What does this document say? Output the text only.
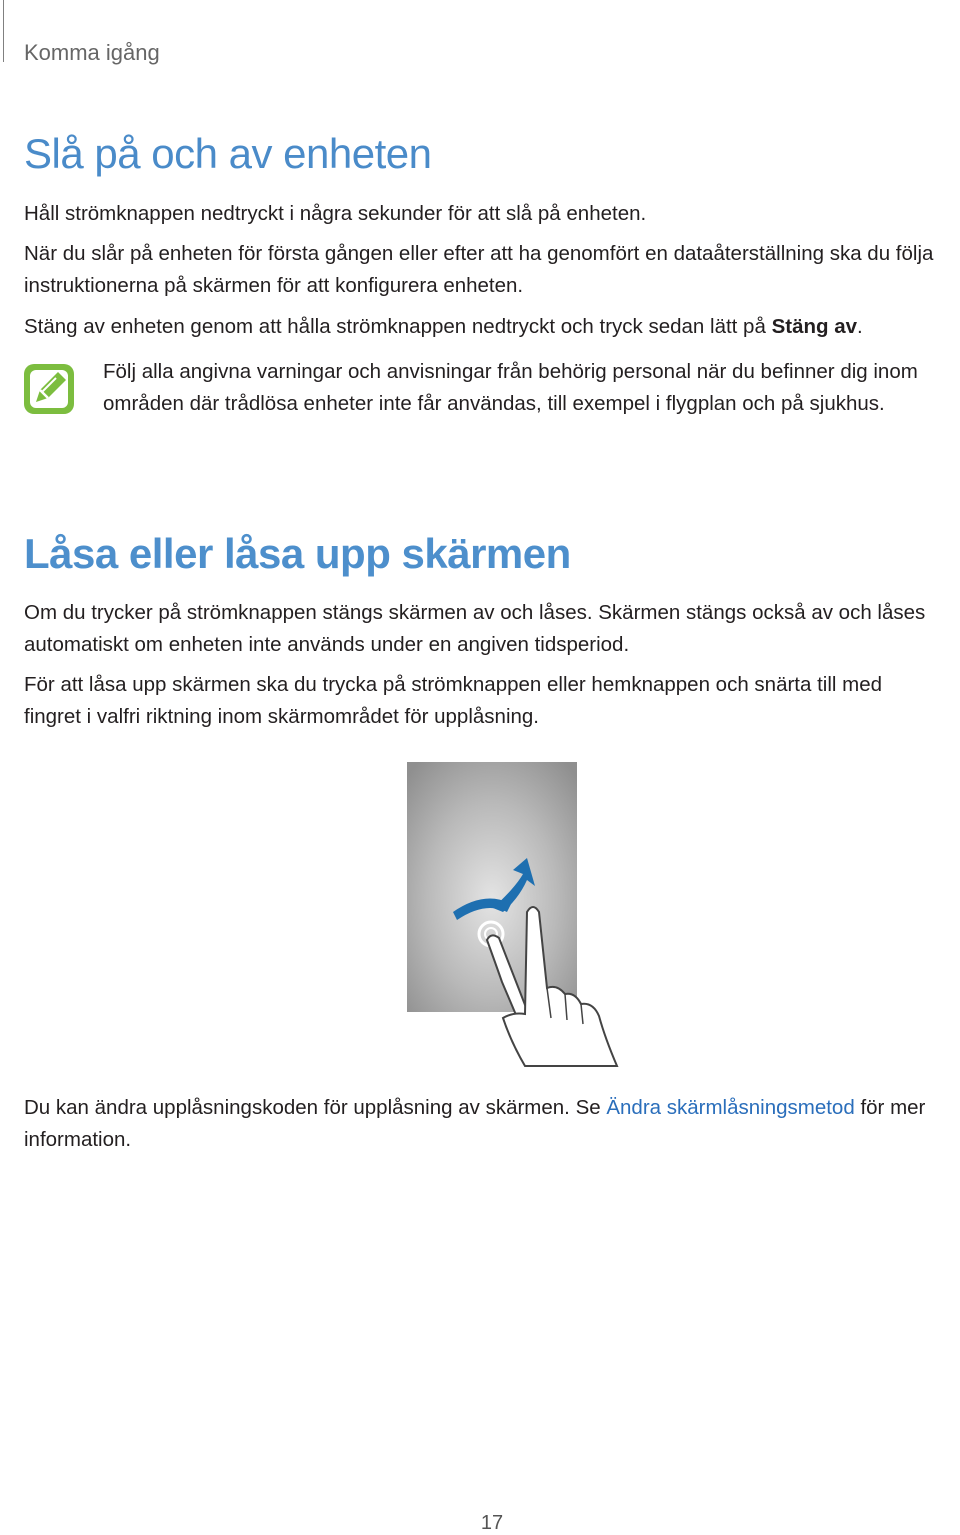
Komma igång
Slå på och av enheten

Håll strömknappen nedtryckt i några sekunder för att slå på enheten.

När du slår på enheten för första gången eller efter att ha genomfört en dataåterställning ska du följa instruktionerna på skärmen för att konfigurera enheten.

Stäng av enheten genom att hålla strömknappen nedtryckt och tryck sedan lätt på Stäng av.

Följ alla angivna varningar och anvisningar från behörig personal när du befinner dig inom områden där trådlösa enheter inte får användas, till exempel i flygplan och på sjukhus.

Låsa eller låsa upp skärmen

Om du trycker på strömknappen stängs skärmen av och låses. Skärmen stängs också av och låses automatiskt om enheten inte används under en angiven tidsperiod.

För att låsa upp skärmen ska du trycka på strömknappen eller hemknappen och snärta till med fingret i valfri riktning inom skärmområdet för upplåsning.

Du kan ändra upplåsningskoden för upplåsning av skärmen. Se Ändra skärmlåsningsmetod för mer information.

17
